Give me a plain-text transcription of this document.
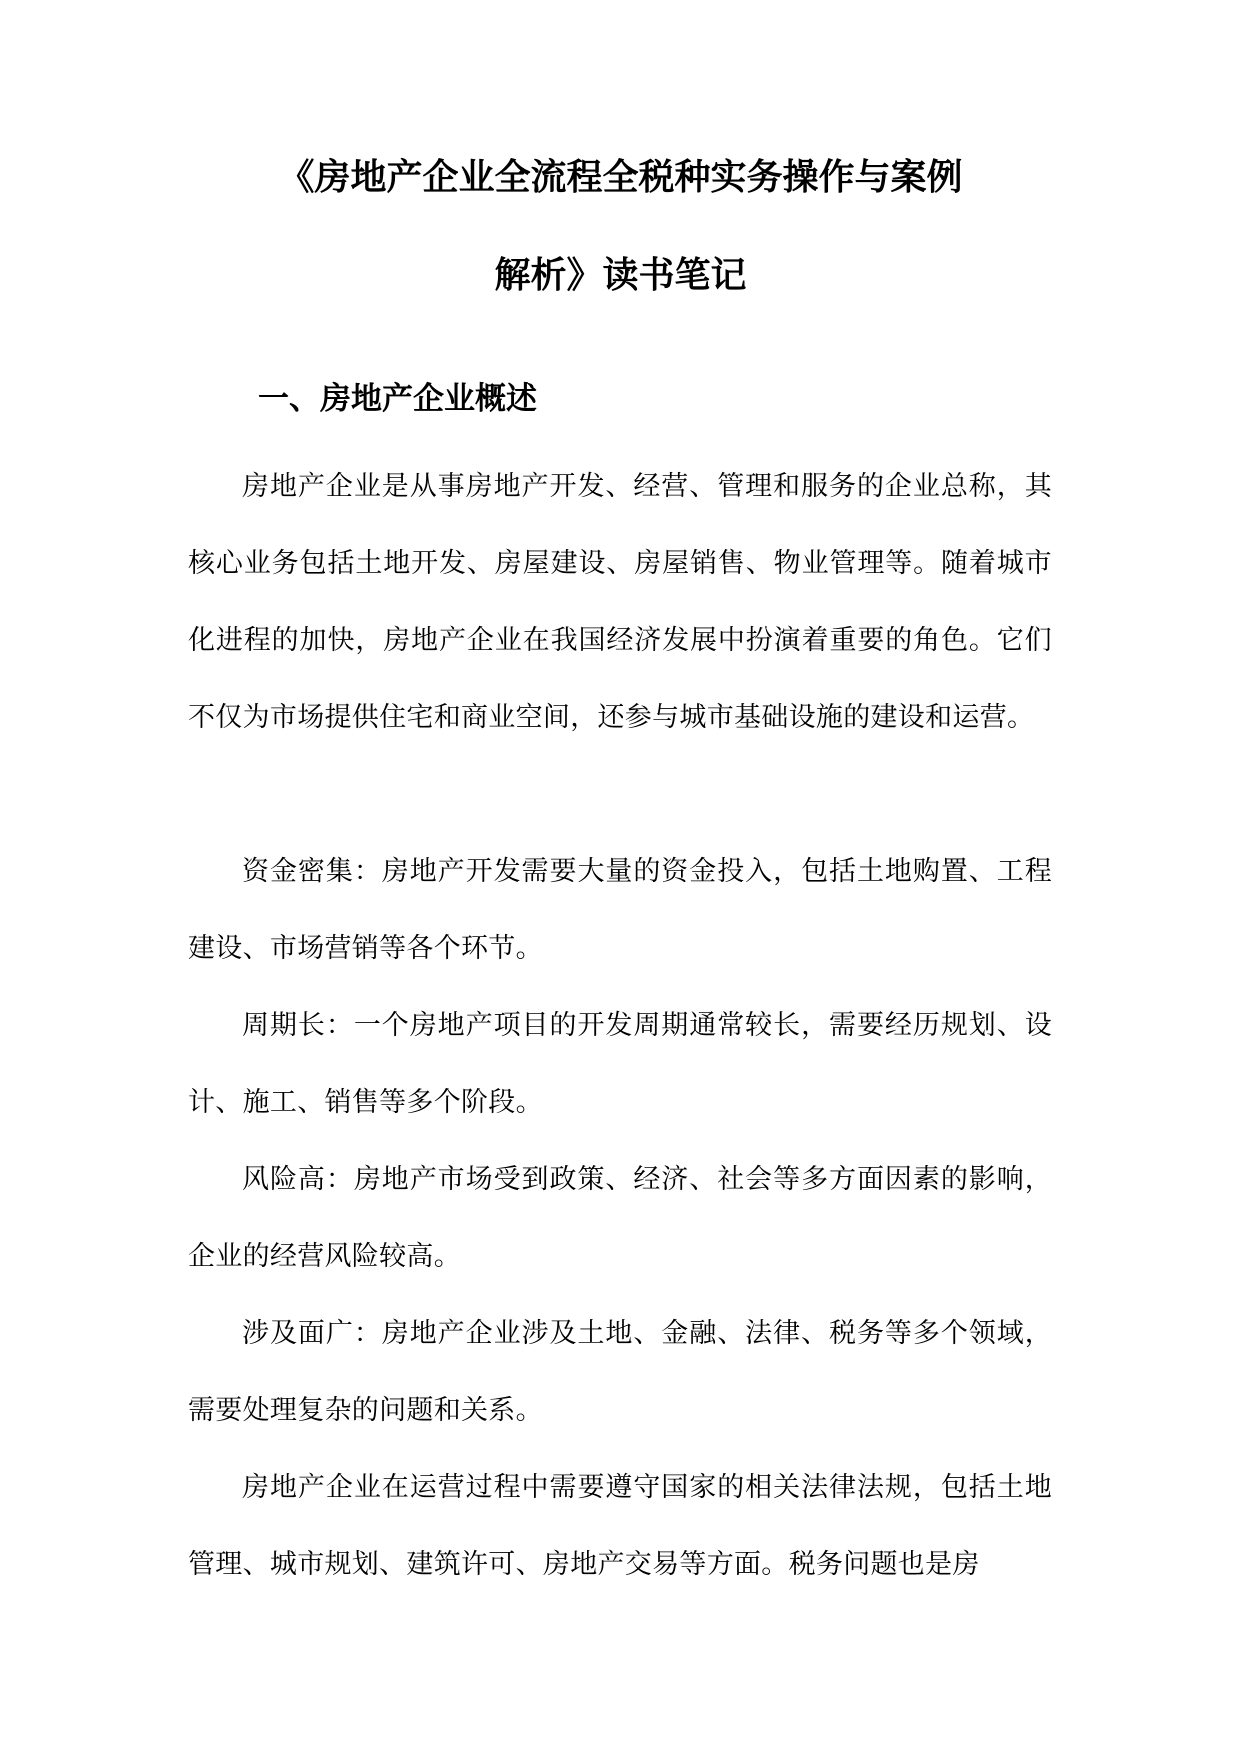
《房地产企业全流程全税种实务操作与案例
解析》读书笔记
一、房地产企业概述

房地产企业是从事房地产开发、经营、管理和服务的企业总称，其核心业务包括土地开发、房屋建设、房屋销售、物业管理等。随着城市化进程的加快，房地产企业在我国经济发展中扮演着重要的角色。它们不仅为市场提供住宅和商业空间，还参与城市基础设施的建设和运营。

资金密集：房地产开发需要大量的资金投入，包括土地购置、工程建设、市场营销等各个环节。

周期长：一个房地产项目的开发周期通常较长，需要经历规划、设计、施工、销售等多个阶段。

风险高：房地产市场受到政策、经济、社会等多方面因素的影响，企业的经营风险较高。

涉及面广：房地产企业涉及土地、金融、法律、税务等多个领域，需要处理复杂的问题和关系。

房地产企业在运营过程中需要遵守国家的相关法律法规，包括土地管理、城市规划、建筑许可、房地产交易等方面。税务问题也是房
